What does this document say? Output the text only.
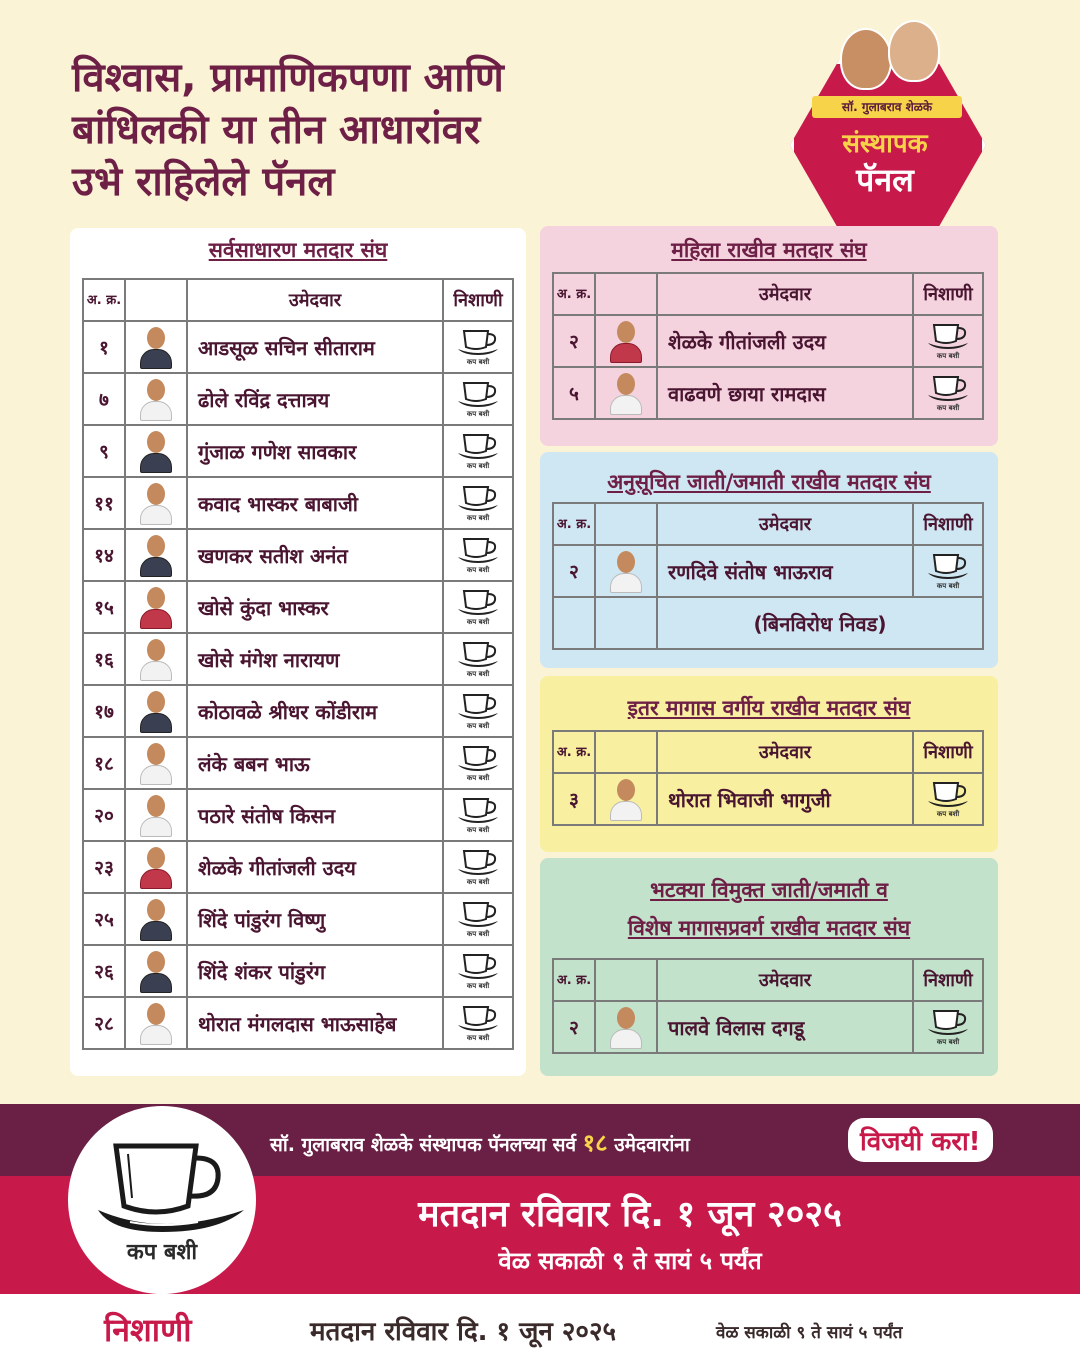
विश्वास, प्रामाणिकपणा आणि
बांधिलकी या तीन आधारांवर
उभे राहिलेले पॅनल
सॉ. गुलाबराव शेळके
संस्थापक
पॅनल
सर्वसाधारण मतदार संघ
अ. क्र.		उमेदवार	निशाणी
१		आडसूळ सचिन सीताराम	कप बशी

७		ढोले रविंद्र दत्तात्रय	कप बशी

९		गुंजाळ गणेश सावकार	कप बशी

११		कवाद भास्कर बाबाजी	कप बशी

१४		खणकर सतीश अनंत	कप बशी

१५		खोसे कुंदा भास्कर	कप बशी

१६		खोसे मंगेश नारायण	कप बशी

१७		कोठावळे श्रीधर कोंडीराम	कप बशी

१८		लंके बबन भाऊ	कप बशी

२०		पठारे संतोष किसन	कप बशी

२३		शेळके गीतांजली उदय	कप बशी

२५		शिंदे पांडुरंग विष्णु	कप बशी

२६		शिंदे शंकर पांडुरंग	कप बशी

२८		थोरात मंगलदास भाऊसाहेब	कप बशी
महिला राखीव मतदार संघ
अ. क्र.		उमेदवार	निशाणी
२		शेळके गीतांजली उदय	कप बशी

५		वाढवणे छाया रामदास	कप बशी
अनुसूचित जाती/जमाती राखीव मतदार संघ
अ. क्र.		उमेदवार	निशाणी
२		रणदिवे संतोष भाऊराव	कप बशी

		(बिनविरोध निवड)	
इतर मागास वर्गीय राखीव मतदार संघ
अ. क्र.		उमेदवार	निशाणी
३		थोरात भिवाजी भागुजी	कप बशी
भटक्या विमुक्त जाती/जमाती व
विशेष मागासप्रवर्ग राखीव मतदार संघ
अ. क्र.		उमेदवार	निशाणी
२		पालवे विलास दगडू	कप बशी
सॉ. गुलाबराव शेळके संस्थापक पॅनलच्या सर्व १८ उमेदवारांना	विजयी करा!
मतदान रविवार दि. १ जून २०२५
वेळ सकाळी ९ ते सायं ५ पर्यंत
कप बशी
निशाणी	मतदान रविवार दि. १ जून २०२५	वेळ सकाळी ९ ते सायं ५ पर्यंत
